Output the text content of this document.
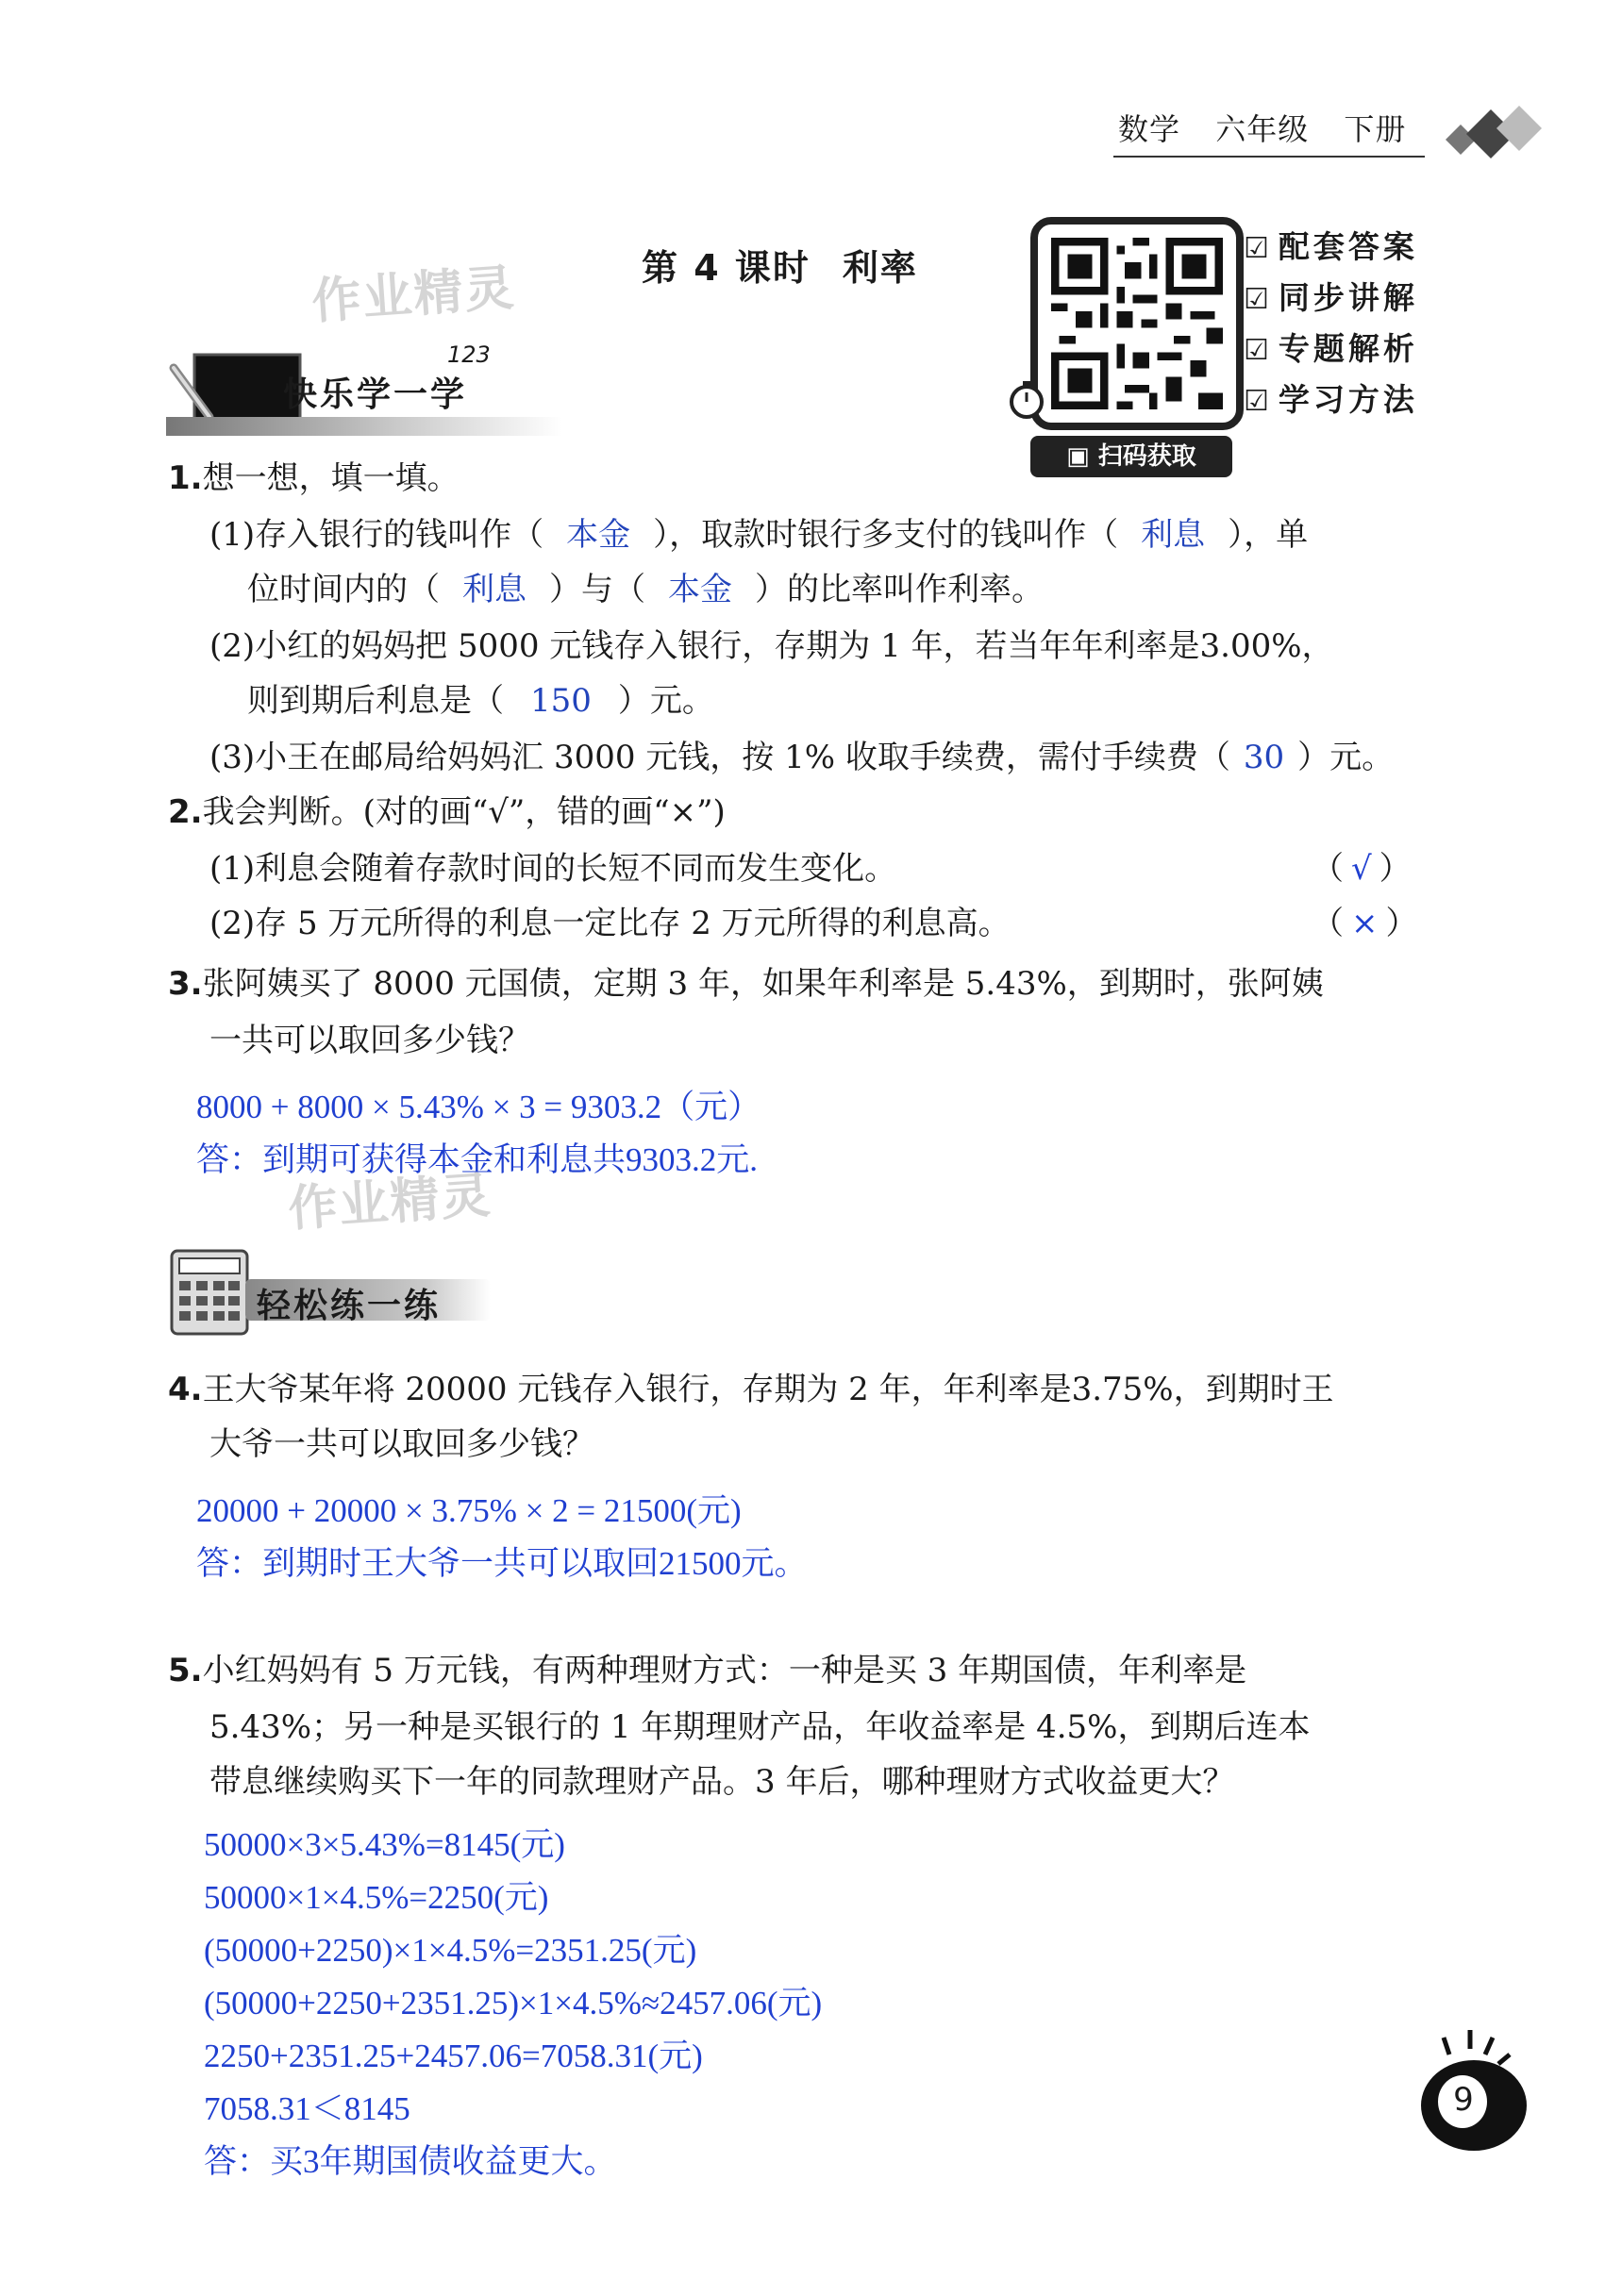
数学 六年级 下册
第 4 课时 利率
作业精灵
作业精灵
▣ 扫码获取
☑ 配套答案
☑ 同步讲解
☑ 专题解析
☑ 学习方法
快乐学一学
123
1.想一想，填一填。
(1)存入银行的钱叫作（ 本金 ），取款时银行多支付的钱叫作（ 利息 ），单
位时间内的（ 利息 ）与（ 本金 ）的比率叫作利率。
(2)小红的妈妈把 5000 元钱存入银行，存期为 1 年，若当年年利率是3.00%，
则到期后利息是（ 150 ）元。
(3)小王在邮局给妈妈汇 3000 元钱，按 1% 收取手续费，需付手续费（ 30 ）元。
2.我会判断。(对的画“√”，错的画“×”)
(1)利息会随着存款时间的长短不同而发生变化。	（ √ ）
(2)存 5 万元所得的利息一定比存 2 万元所得的利息高。	（ × ）
3.张阿姨买了 8000 元国债，定期 3 年，如果年利率是 5.43%，到期时，张阿姨
一共可以取回多少钱？
8000 + 8000 × 5.43% × 3 = 9303.2（元）
答：到期可获得本金和利息共9303.2元.
轻松练一练
4.王大爷某年将 20000 元钱存入银行，存期为 2 年，年利率是3.75%，到期时王
大爷一共可以取回多少钱？
20000 + 20000 × 3.75% × 2 = 21500(元)
答：到期时王大爷一共可以取回21500元。
5.小红妈妈有 5 万元钱，有两种理财方式：一种是买 3 年期国债，年利率是
5.43%；另一种是买银行的 1 年期理财产品，年收益率是 4.5%，到期后连本
带息继续购买下一年的同款理财产品。3 年后，哪种理财方式收益更大？
50000×3×5.43%=8145(元)
50000×1×4.5%=2250(元)
(50000+2250)×1×4.5%=2351.25(元)
(50000+2250+2351.25)×1×4.5%≈2457.06(元)
2250+2351.25+2457.06=7058.31(元)
7058.31＜8145
答：买3年期国债收益更大。
9
